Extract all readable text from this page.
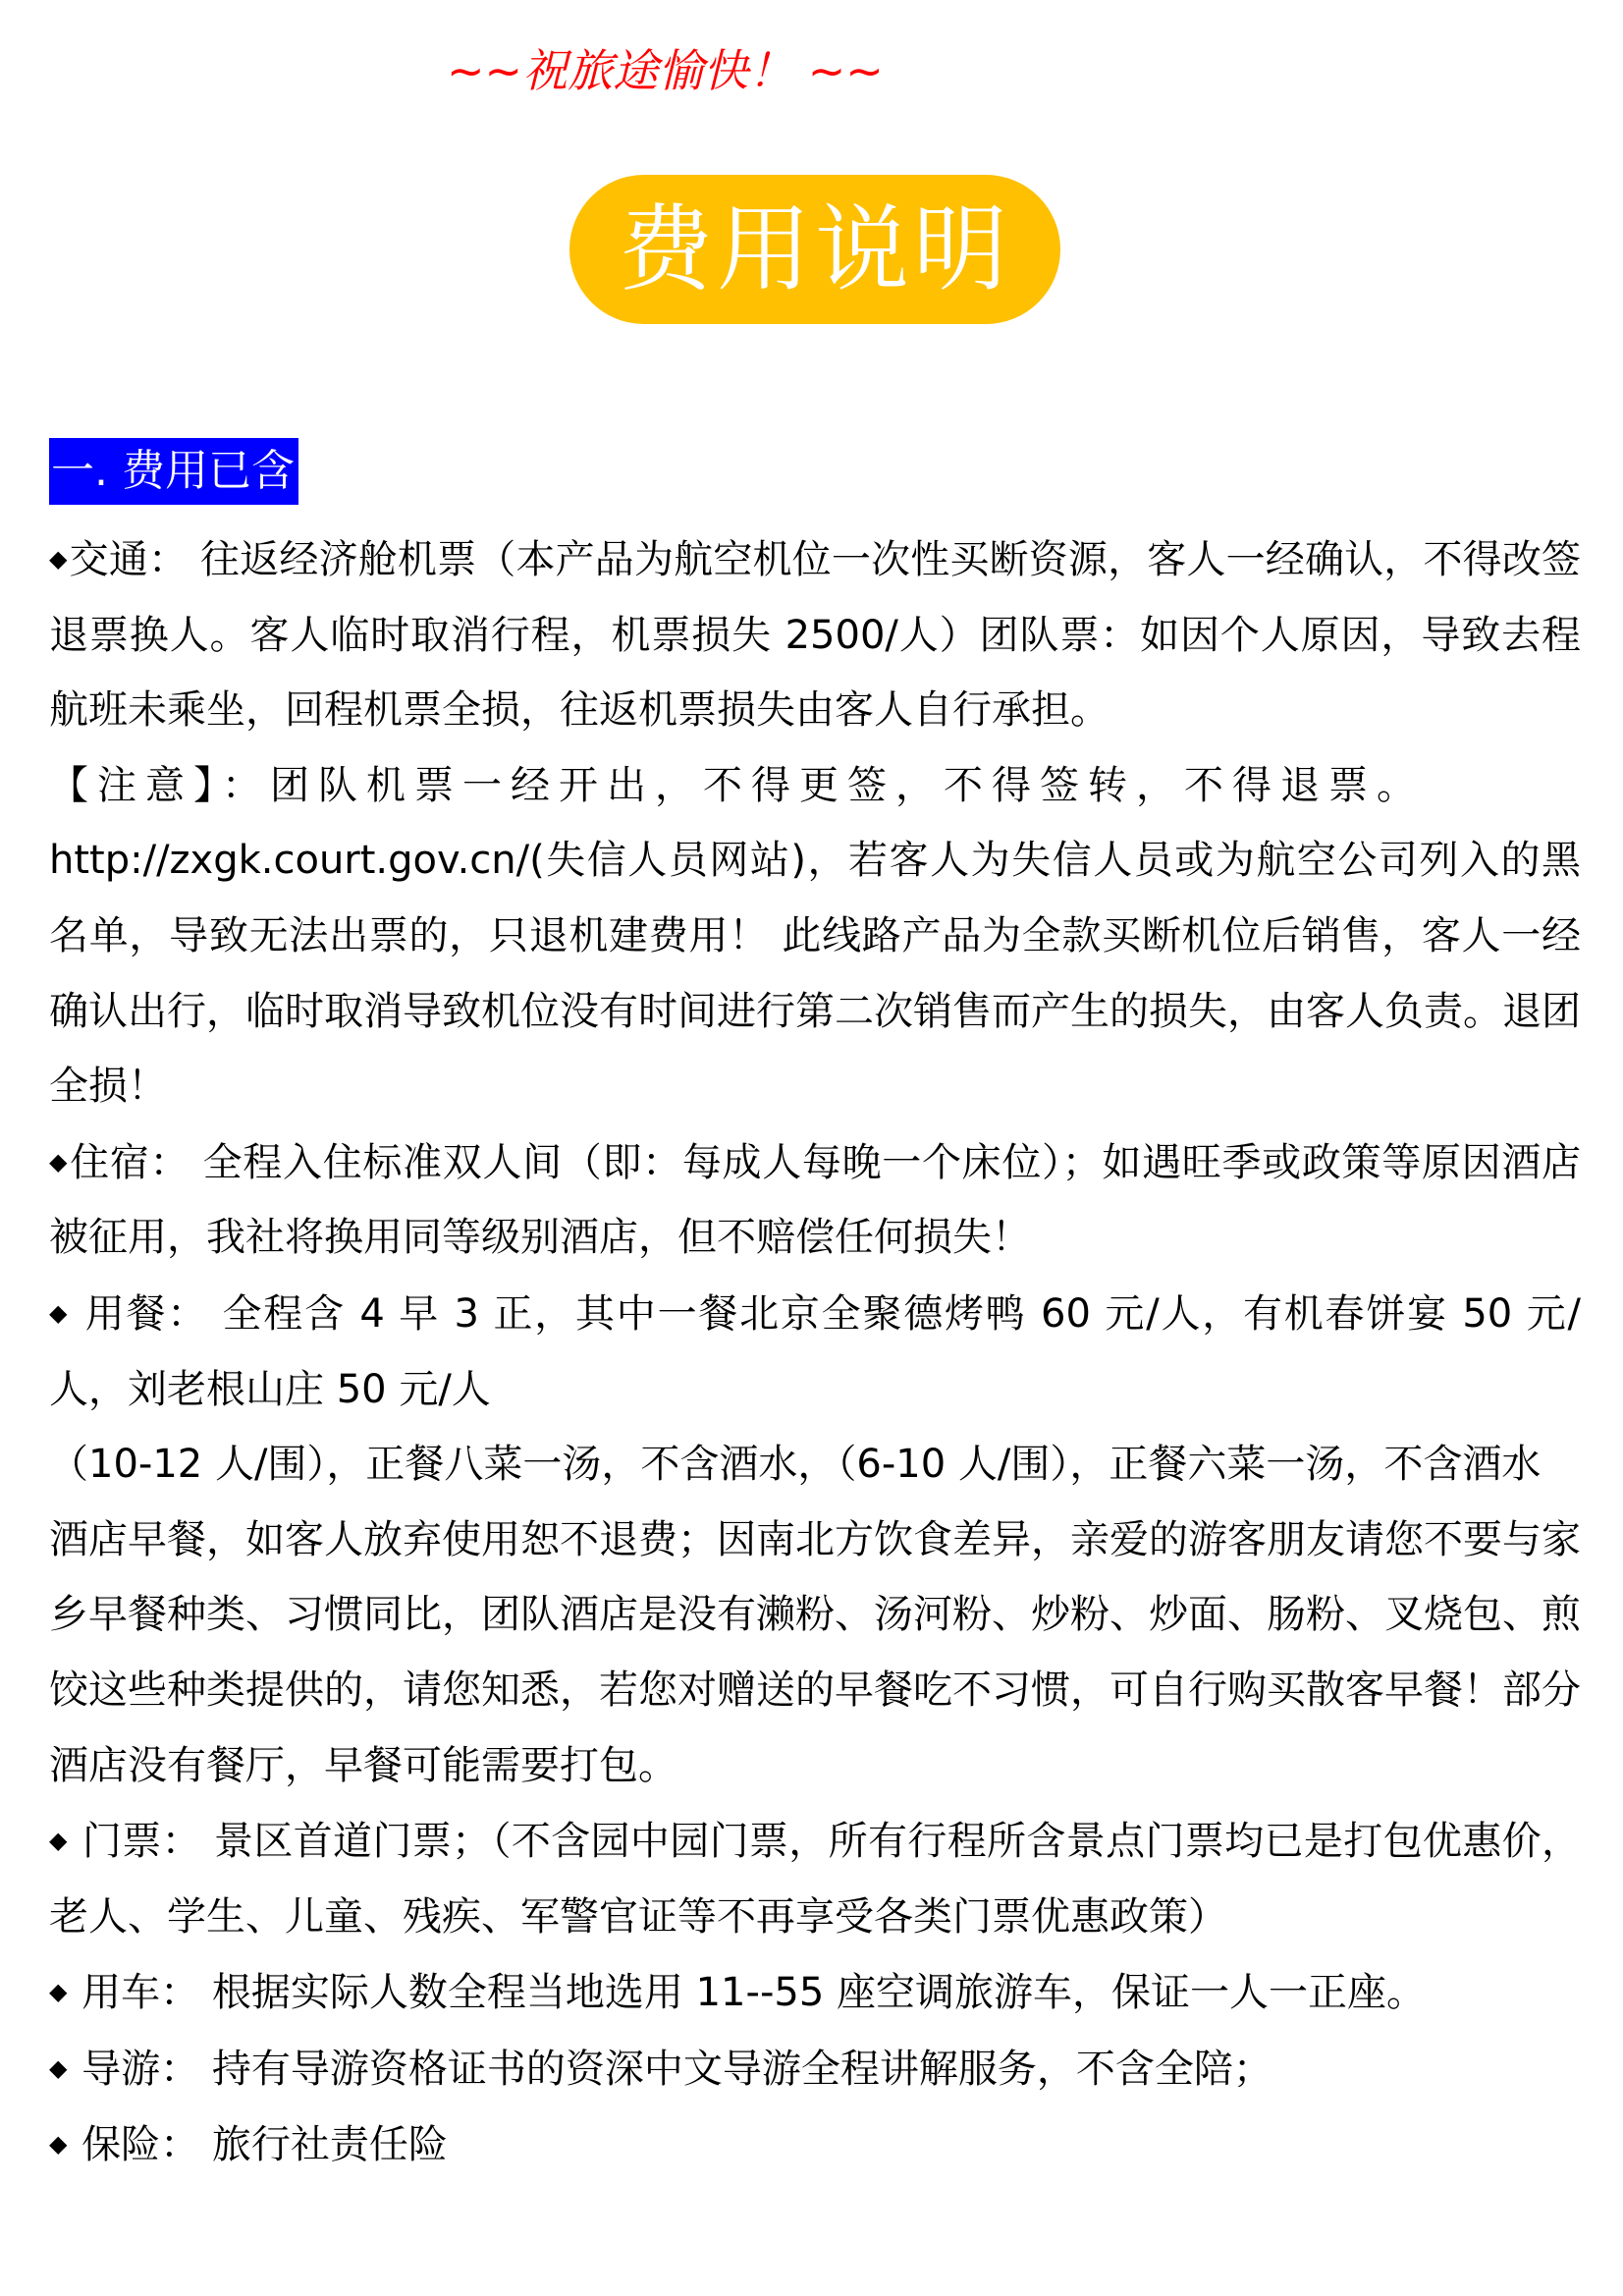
~~祝旅途愉快！ ~~
费用说明
一. 费用已含

◆交通： 往返经济舱机票（本产品为航空机位一次性买断资源，客人一经确认，不得改签退票换人。客人临时取消行程，机票损失 2500/人）团队票：如因个人原因，导致去程航班未乘坐，回程机票全损，往返机票损失由客人自行承担。

【注意】：团队机票一经开出，不得更签，不得签转，不得退票。

http://zxgk.court.gov.cn/(失信人员网站)，若客人为失信人员或为航空公司列入的黑名单，导致无法出票的，只退机建费用！ 此线路产品为全款买断机位后销售，客人一经确认出行，临时取消导致机位没有时间进行第二次销售而产生的损失，由客人负责。退团全损！

◆住宿： 全程入住标准双人间（即：每成人每晚一个床位）；如遇旺季或政策等原因酒店被征用，我社将换用同等级别酒店，但不赔偿任何损失！

◆ 用餐： 全程含 4 早 3 正，其中一餐北京全聚德烤鸭 60 元/人，有机春饼宴 50 元/人，刘老根山庄 50 元/人

（10-12 人/围），正餐八菜一汤，不含酒水，（6-10 人/围），正餐六菜一汤，不含酒水

酒店早餐，如客人放弃使用恕不退费；因南北方饮食差异，亲爱的游客朋友请您不要与家乡早餐种类、习惯同比，团队酒店是没有濑粉、汤河粉、炒粉、炒面、肠粉、叉烧包、煎饺这些种类提供的，请您知悉，若您对赠送的早餐吃不习惯，可自行购买散客早餐！部分酒店没有餐厅，早餐可能需要打包。

◆ 门票： 景区首道门票；（不含园中园门票，所有行程所含景点门票均已是打包优惠价，老人、学生、儿童、残疾、军警官证等不再享受各类门票优惠政策）

◆ 用车： 根据实际人数全程当地选用 11--55 座空调旅游车，保证一人一正座。

◆ 导游： 持有导游资格证书的资深中文导游全程讲解服务，不含全陪；

◆ 保险： 旅行社责任险
